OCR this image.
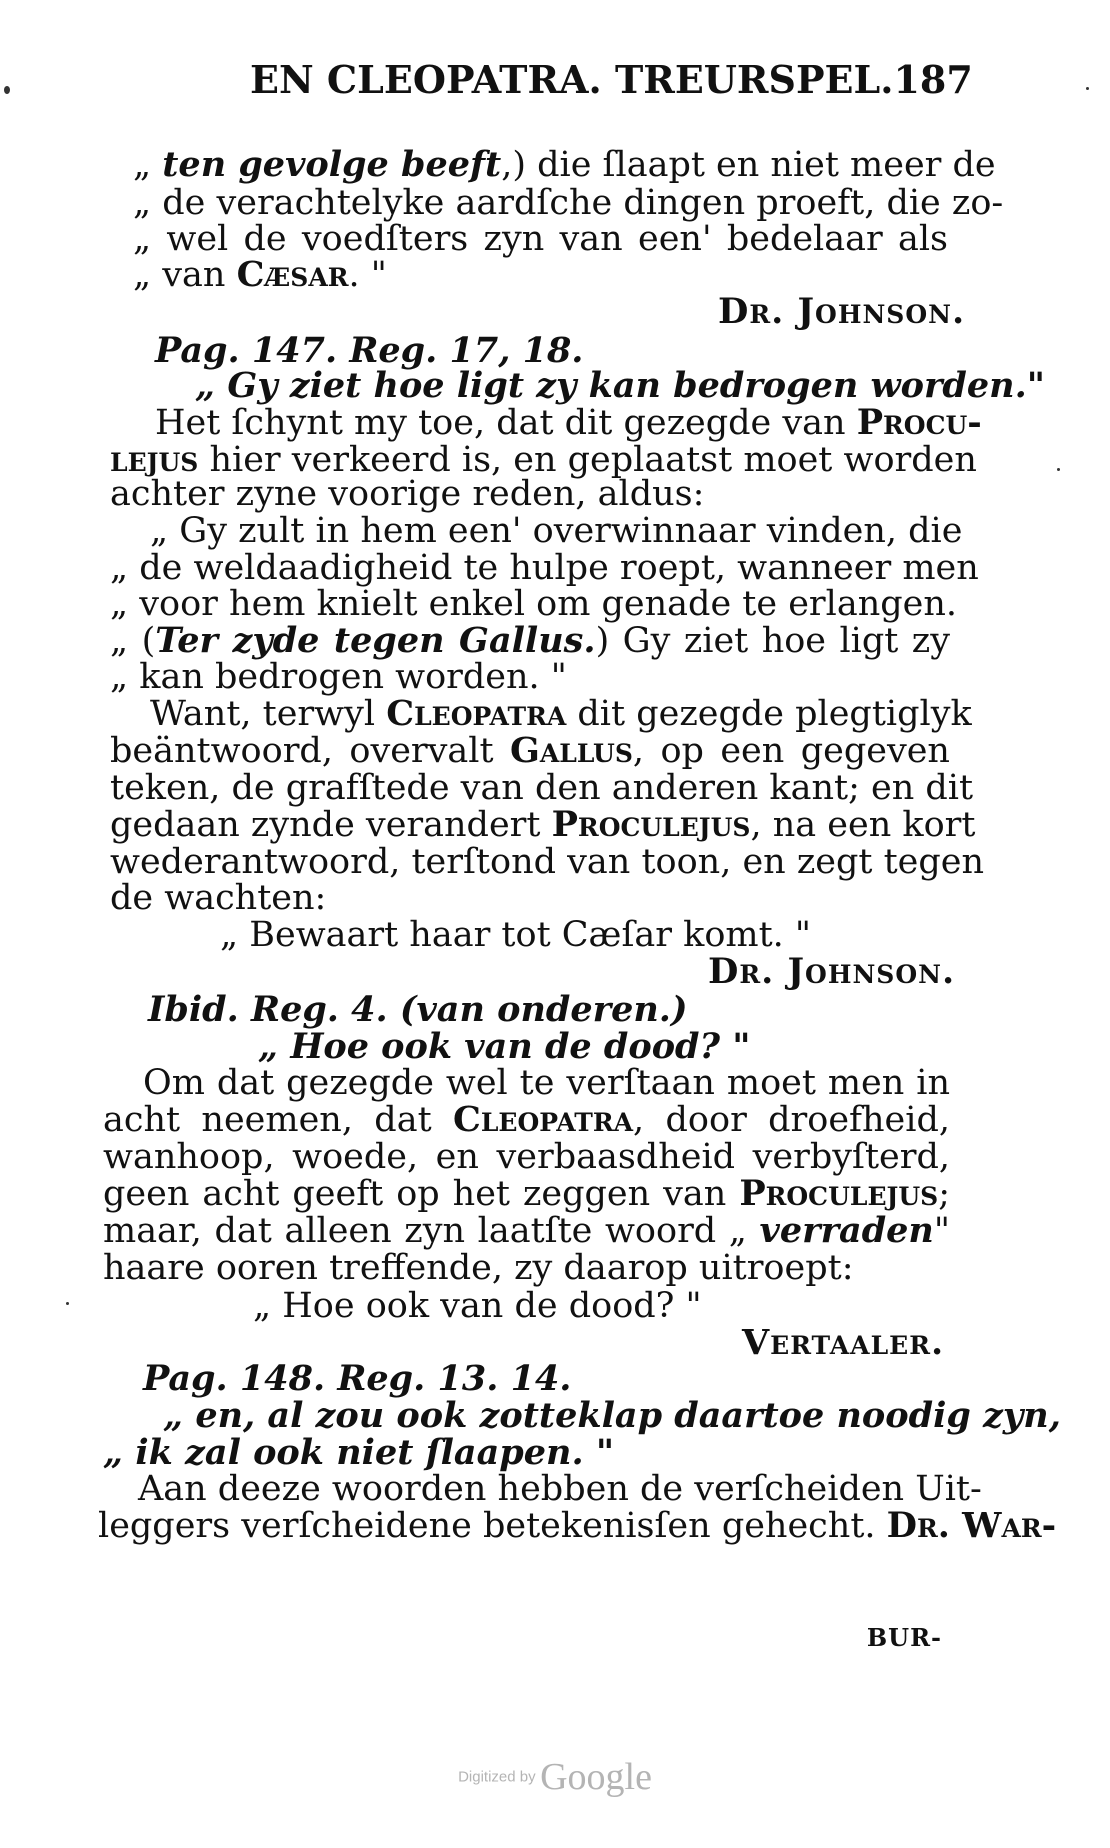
EN CLEOPATRA. TREURSPEL. 187
„ ten gevolge beeft,) die ſlaapt en niet meer de
„ de verachtelyke aardſche dingen proeft, die zo-
„ wel de voedſters zyn van een' bedelaar als
„ van Cæsar. "
Dr. Johnson.
Pag. 147. Reg. 17, 18.
„ Gy ziet hoe ligt zy kan bedrogen worden."
Het ſchynt my toe, dat dit gezegde van Procu-
lejus hier verkeerd is, en geplaatst moet worden
achter zyne voorige reden, aldus:
„ Gy zult in hem een' overwinnaar vinden, die
„ de weldaadigheid te hulpe roept, wanneer men
„ voor hem knielt enkel om genade te erlangen.
„ (Ter zyde tegen Gallus.) Gy ziet hoe ligt zy
„ kan bedrogen worden. "
Want, terwyl Cleopatra dit gezegde plegtiglyk
beäntwoord, overvalt Gallus, op een gegeven
teken, de grafſtede van den anderen kant; en dit
gedaan zynde verandert Proculejus, na een kort
wederantwoord, terſtond van toon, en zegt tegen
de wachten:
„ Bewaart haar tot Cæſar komt. "
Dr. Johnson.
Ibid. Reg. 4. (van onderen.)
„ Hoe ook van de dood? "
Om dat gezegde wel te verſtaan moet men in
acht neemen, dat Cleopatra, door droefheid,
wanhoop, woede, en verbaasdheid verbyſterd,
geen acht geeft op het zeggen van Proculejus;
maar, dat alleen zyn laatſte woord „ verraden"
haare ooren treffende, zy daarop uitroept:
„ Hoe ook van de dood? "
Vertaaler.
Pag. 148. Reg. 13. 14.
„ en, al zou ook zotteklap daartoe noodig zyn,
„ ik zal ook niet ſlaapen. "
Aan deeze woorden hebben de verſcheiden Uit-
leggers verſcheidene betekenisſen gehecht. Dr. War-
BUR-
Digitized by Google
